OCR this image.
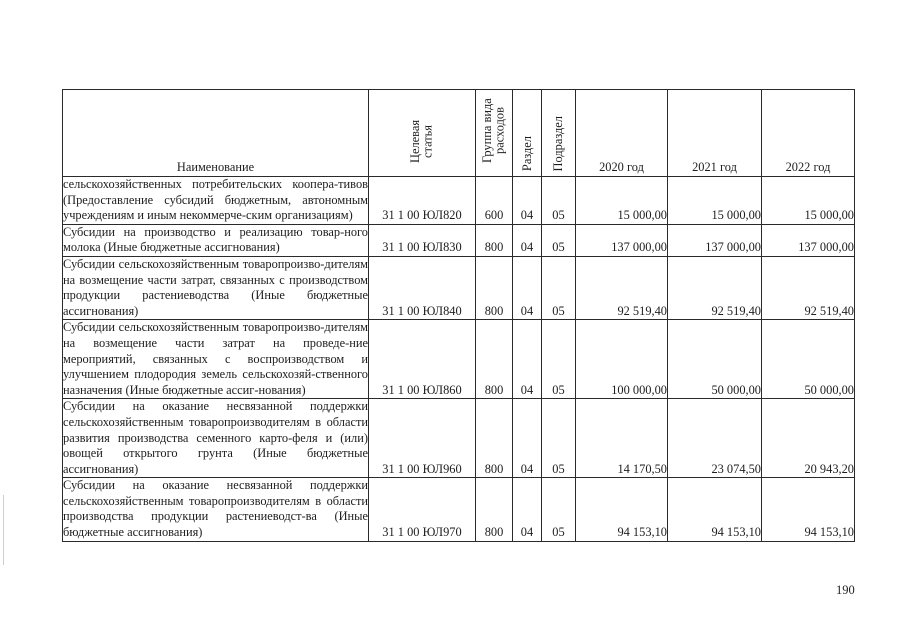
Наименование	Целевая статья	Группа вида расходов	Раздел	Подраздел	2020 год	2021 год	2022 год
сельскохозяйственных потребительских коопера-тивов (Предоставление субсидий бюджетным, автономным учреждениям и иным некоммерче-ским организациям)	31 1 00 ЮЛ820	600	04	05	15 000,00	15 000,00	15 000,00
Субсидии на производство и реализацию товар-ного молока (Иные бюджетные ассигнования)	31 1 00 ЮЛ830	800	04	05	137 000,00	137 000,00	137 000,00
Субсидии сельскохозяйственным товаропроизво-дителям на возмещение части затрат, связанных с производством продукции растениеводства (Иные бюджетные ассигнования)	31 1 00 ЮЛ840	800	04	05	92 519,40	92 519,40	92 519,40
Субсидии сельскохозяйственным товаропроизво-дителям на возмещение части затрат на проведе-ние мероприятий, связанных с воспроизводством и улучшением плодородия земель сельскохозяй-ственного назначения (Иные бюджетные ассиг-нования)	31 1 00 ЮЛ860	800	04	05	100 000,00	50 000,00	50 000,00
Субсидии на оказание несвязанной поддержки сельскохозяйственным товаропроизводителям в области развития производства семенного карто-феля и (или) овощей открытого грунта (Иные бюджетные ассигнования)	31 1 00 ЮЛ960	800	04	05	14 170,50	23 074,50	20 943,20
Субсидии на оказание несвязанной поддержки сельскохозяйственным товаропроизводителям в области производства продукции растениеводст-ва (Иные бюджетные ассигнования)	31 1 00 ЮЛ970	800	04	05	94 153,10	94 153,10	94 153,10
190
